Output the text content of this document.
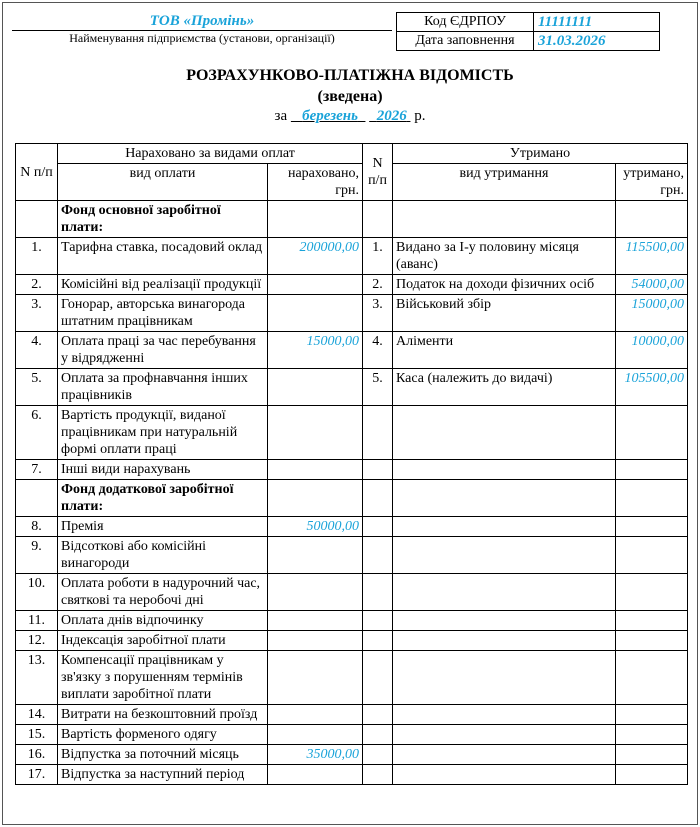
ТОВ «Промінь»
Найменування підприємства (установи, організації)
Код ЄДРПОУ	11111111
Дата заповнення	31.03.2026
РОЗРАХУНКОВО-ПЛАТІЖНА ВІДОМІСТЬ
(зведена)
за березень 2026 р.
N п/п	Нараховано за видами оплат		N п/п	Утримано	
	вид оплати	нараховано, грн.		вид утримання	утримано, грн.
	Фонд основної заробітної плати:				
1.	Тарифна ставка, посадовий оклад	200000,00	1.	Видано за I-у половину місяця (аванс)	115500,00
2.	Комісійні від реалізації продукції		2.	Податок на доходи фізичних осіб	54000,00
3.	Гонорар, авторська винагорода штатним працівникам		3.	Військовий збір	15000,00
4.	Оплата праці за час перебування у відрядженні	15000,00	4.	Аліменти	10000,00
5.	Оплата за профнавчання інших працівників		5.	Каса (належить до видачі)	105500,00
6.	Вартість продукції, виданої працівникам при натуральній формі оплати праці				
7.	Інші види нарахувань				
	Фонд додаткової заробітної плати:				
8.	Премія	50000,00			
9.	Відсоткові або комісійні винагороди				
10.	Оплата роботи в надурочний час, святкові та неробочі дні				
11.	Оплата днів відпочинку				
12.	Індексація заробітної плати				
13.	Компенсації працівникам у зв'язку з порушенням термінів виплати заробітної плати				
14.	Витрати на безкоштовний проїзд				
15.	Вартість форменого одягу				
16.	Відпустка за поточний місяць	35000,00			
17.	Відпустка за наступний період				
